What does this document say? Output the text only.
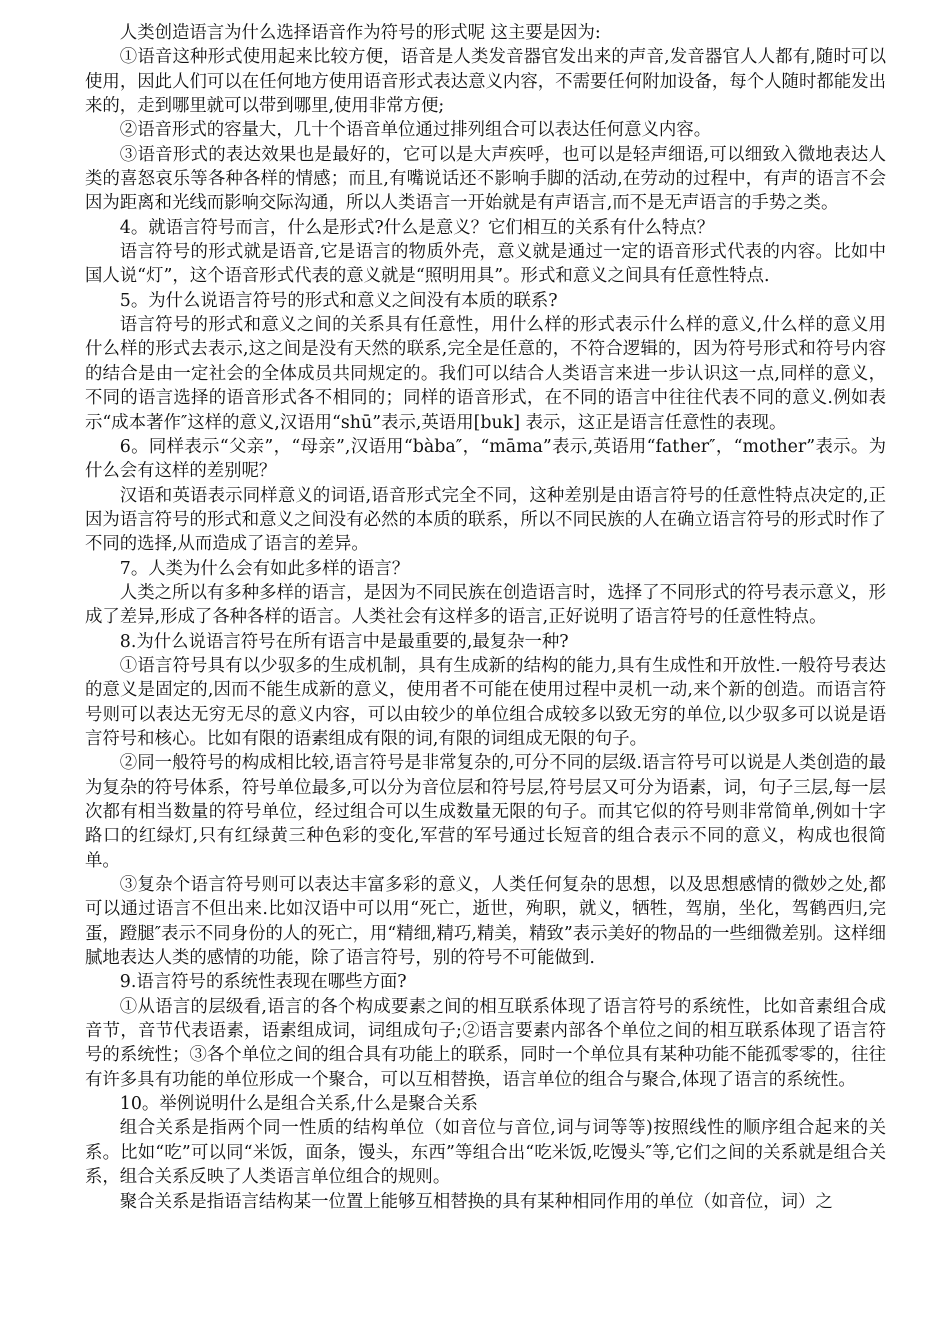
人类创造语言为什么选择语音作为符号的形式呢 这主要是因为:

①语音这种形式使用起来比较方便，语音是人类发音器官发出来的声音,发音器官人人都有,随时可以使用，因此人们可以在任何地方使用语音形式表达意义内容，不需要任何附加设备，每个人随时都能发出来的，走到哪里就可以带到哪里,使用非常方便;

②语音形式的容量大，几十个语音单位通过排列组合可以表达任何意义内容。

③语音形式的表达效果也是最好的，它可以是大声疾呼，也可以是轻声细语,可以细致入微地表达人类的喜怒哀乐等各种各样的情感；而且,有嘴说话还不影响手脚的活动,在劳动的过程中，有声的语言不会因为距离和光线而影响交际沟通，所以人类语言一开始就是有声语言,而不是无声语言的手势之类。

4。就语言符号而言，什么是形式?什么是意义？它们相互的关系有什么特点？

语言符号的形式就是语音,它是语言的物质外壳，意义就是通过一定的语音形式代表的内容。比如中国人说“灯”，这个语音形式代表的意义就是“照明用具”。形式和意义之间具有任意性特点.

5。为什么说语言符号的形式和意义之间没有本质的联系?

语言符号的形式和意义之间的关系具有任意性，用什么样的形式表示什么样的意义,什么样的意义用什么样的形式去表示,这之间是没有天然的联系,完全是任意的，不符合逻辑的，因为符号形式和符号内容的结合是由一定社会的全体成员共同规定的。我们可以结合人类语言来进一步认识这一点,同样的意义，不同的语言选择的语音形式各不相同的；同样的语音形式，在不同的语言中往往代表不同的意义.例如表示“成本著作″这样的意义,汉语用“shū”表示,英语用[buk] 表示，这正是语言任意性的表现。

6。同样表示“父亲”，“母亲”,汉语用“bàba″，“māma”表示,英语用“father″，“mother”表示。为什么会有这样的差别呢？

汉语和英语表示同样意义的词语,语音形式完全不同，这种差别是由语言符号的任意性特点决定的,正因为语言符号的形式和意义之间没有必然的本质的联系，所以不同民族的人在确立语言符号的形式时作了不同的选择,从而造成了语言的差异。

7。人类为什么会有如此多样的语言？

人类之所以有多种多样的语言，是因为不同民族在创造语言时，选择了不同形式的符号表示意义，形成了差异,形成了各种各样的语言。人类社会有这样多的语言,正好说明了语言符号的任意性特点。

8.为什么说语言符号在所有语言中是最重要的,最复杂一种?

①语言符号具有以少驭多的生成机制，具有生成新的结构的能力,具有生成性和开放性.一般符号表达的意义是固定的,因而不能生成新的意义，使用者不可能在使用过程中灵机一动,来个新的创造。而语言符号则可以表达无穷无尽的意义内容，可以由较少的单位组合成较多以致无穷的单位,以少驭多可以说是语言符号和核心。比如有限的语素组成有限的词,有限的词组成无限的句子。

②同一般符号的构成相比较,语言符号是非常复杂的,可分不同的层级.语言符号可以说是人类创造的最为复杂的符号体系，符号单位最多,可以分为音位层和符号层,符号层又可分为语素，词，句子三层,每一层次都有相当数量的符号单位，经过组合可以生成数量无限的句子。而其它似的符号则非常简单,例如十字路口的红绿灯,只有红绿黄三种色彩的变化,军营的军号通过长短音的组合表示不同的意义，构成也很简单。

③复杂个语言符号则可以表达丰富多彩的意义，人类任何复杂的思想，以及思想感情的微妙之处,都可以通过语言不但出来.比如汉语中可以用“死亡，逝世，殉职，就义，牺牲，驾崩，坐化，驾鹤西归,完蛋，蹬腿″表示不同身份的人的死亡，用“精细,精巧,精美，精致”表示美好的物品的一些细微差别。这样细腻地表达人类的感情的功能，除了语言符号，别的符号不可能做到.

9.语言符号的系统性表现在哪些方面?

①从语言的层级看,语言的各个构成要素之间的相互联系体现了语言符号的系统性，比如音素组合成音节，音节代表语素，语素组成词，词组成句子;②语言要素内部各个单位之间的相互联系体现了语言符号的系统性；③各个单位之间的组合具有功能上的联系，同时一个单位具有某种功能不能孤零零的，往往有许多具有功能的单位形成一个聚合，可以互相替换，语言单位的组合与聚合,体现了语言的系统性。

10。举例说明什么是组合关系,什么是聚合关系

组合关系是指两个同一性质的结构单位（如音位与音位,词与词等等)按照线性的顺序组合起来的关系。比如“吃”可以同“米饭，面条，馒头，东西”等组合出“吃米饭,吃馒头″等,它们之间的关系就是组合关系，组合关系反映了人类语言单位组合的规则。

聚合关系是指语言结构某一位置上能够互相替换的具有某种相同作用的单位（如音位，词）之
